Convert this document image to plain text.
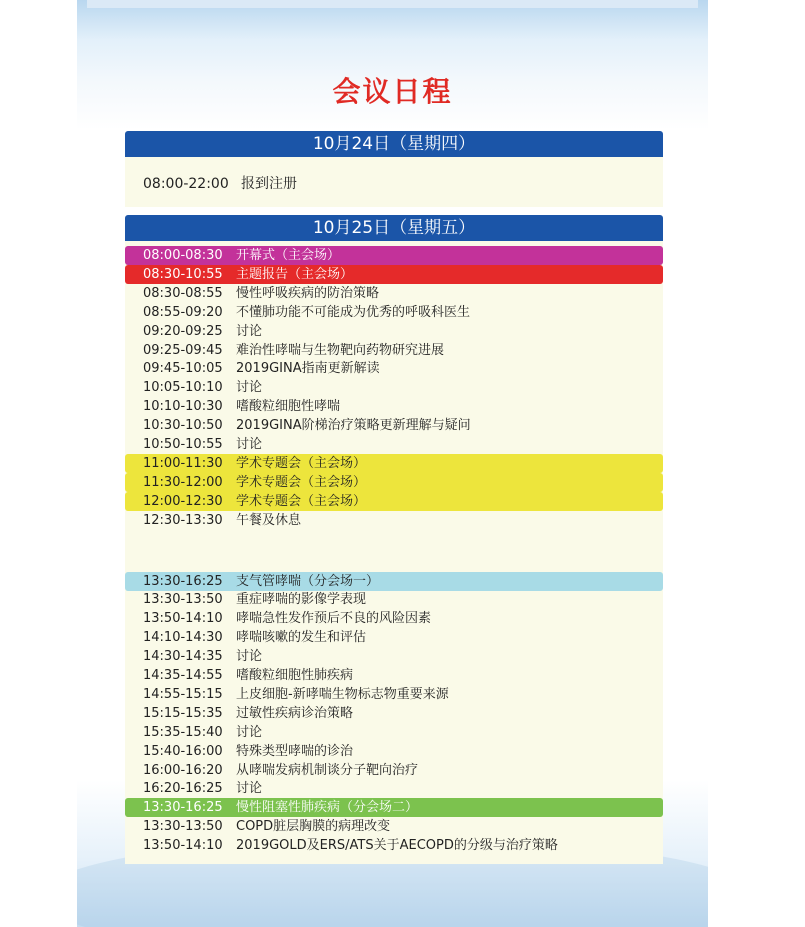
会议日程
10月24日（星期四）
08:00-22:00 报到注册
10月25日（星期五）
08:00-08:30 开幕式（主会场）
08:30-10:55 主题报告（主会场）
08:30-08:55 慢性呼吸疾病的防治策略
08:55-09:20 不懂肺功能不可能成为优秀的呼吸科医生
09:20-09:25 讨论
09:25-09:45 难治性哮喘与生物靶向药物研究进展
09:45-10:05 2019GINA指南更新解读
10:05-10:10 讨论
10:10-10:30 嗜酸粒细胞性哮喘
10:30-10:50 2019GINA阶梯治疗策略更新理解与疑问
10:50-10:55 讨论
11:00-11:30 学术专题会（主会场）
11:30-12:00 学术专题会（主会场）
12:00-12:30 学术专题会（主会场）
12:30-13:30 午餐及休息
13:30-16:25 支气管哮喘（分会场一）
13:30-13:50 重症哮喘的影像学表现
13:50-14:10 哮喘急性发作预后不良的风险因素
14:10-14:30 哮喘咳嗽的发生和评估
14:30-14:35 讨论
14:35-14:55 嗜酸粒细胞性肺疾病
14:55-15:15 上皮细胞-新哮喘生物标志物重要来源
15:15-15:35 过敏性疾病诊治策略
15:35-15:40 讨论
15:40-16:00 特殊类型哮喘的诊治
16:00-16:20 从哮喘发病机制谈分子靶向治疗
16:20-16:25 讨论
13:30-16:25 慢性阻塞性肺疾病（分会场二）
13:30-13:50 COPD脏层胸膜的病理改变
13:50-14:10 2019GOLD及ERS/ATS关于AECOPD的分级与治疗策略
